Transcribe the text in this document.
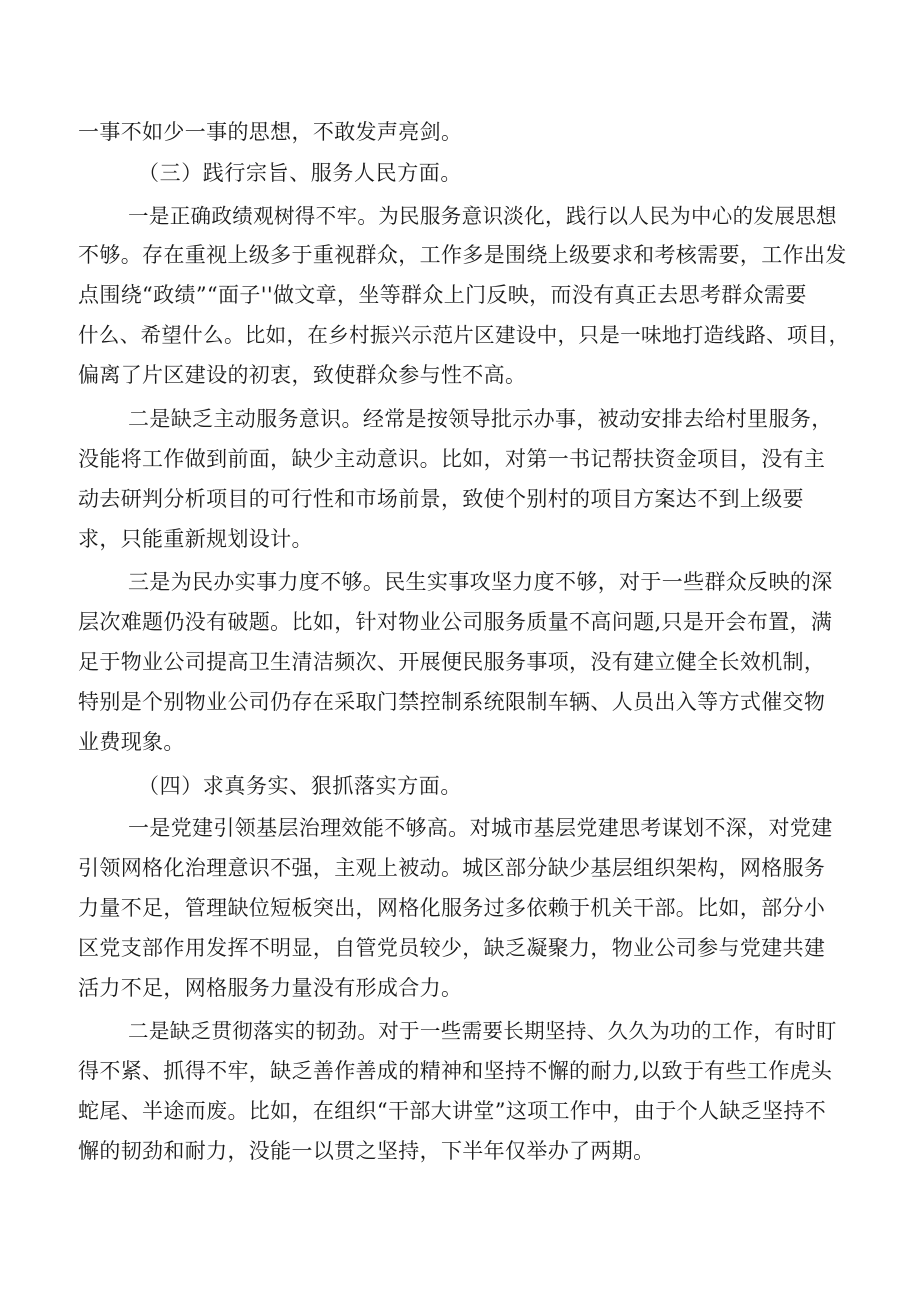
一事不如少一事的思想，不敢发声亮剑。
（三）践行宗旨、服务人民方面。
一是正确政绩观树得不牢。为民服务意识淡化，践行以人民为中心的发展思想
不够。存在重视上级多于重视群众，工作多是围绕上级要求和考核需要，工作出发
点围绕“政绩”“面子''做文章，坐等群众上门反映，而没有真正去思考群众需要
什么、希望什么。比如，在乡村振兴示范片区建设中，只是一味地打造线路、项目，
偏离了片区建设的初衷，致使群众参与性不高。
二是缺乏主动服务意识。经常是按领导批示办事，被动安排去给村里服务，
没能将工作做到前面，缺少主动意识。比如，对第一书记帮扶资金项目，没有主
动去研判分析项目的可行性和市场前景，致使个别村的项目方案达不到上级要
求，只能重新规划设计。
三是为民办实事力度不够。民生实事攻坚力度不够，对于一些群众反映的深
层次难题仍没有破题。比如，针对物业公司服务质量不高问题,只是开会布置，满
足于物业公司提高卫生清洁频次、开展便民服务事项，没有建立健全长效机制，
特别是个别物业公司仍存在采取门禁控制系统限制车辆、人员出入等方式催交物
业费现象。
（四）求真务实、狠抓落实方面。
一是党建引领基层治理效能不够高。对城市基层党建思考谋划不深，对党建
引领网格化治理意识不强，主观上被动。城区部分缺少基层组织架构，网格服务
力量不足，管理缺位短板突出，网格化服务过多依赖于机关干部。比如，部分小
区党支部作用发挥不明显，自管党员较少，缺乏凝聚力，物业公司参与党建共建
活力不足，网格服务力量没有形成合力。
二是缺乏贯彻落实的韧劲。对于一些需要长期坚持、久久为功的工作，有时盯
得不紧、抓得不牢，缺乏善作善成的精神和坚持不懈的耐力,以致于有些工作虎头
蛇尾、半途而废。比如，在组织“干部大讲堂”这项工作中，由于个人缺乏坚持不
懈的韧劲和耐力，没能一以贯之坚持，下半年仅举办了两期。
